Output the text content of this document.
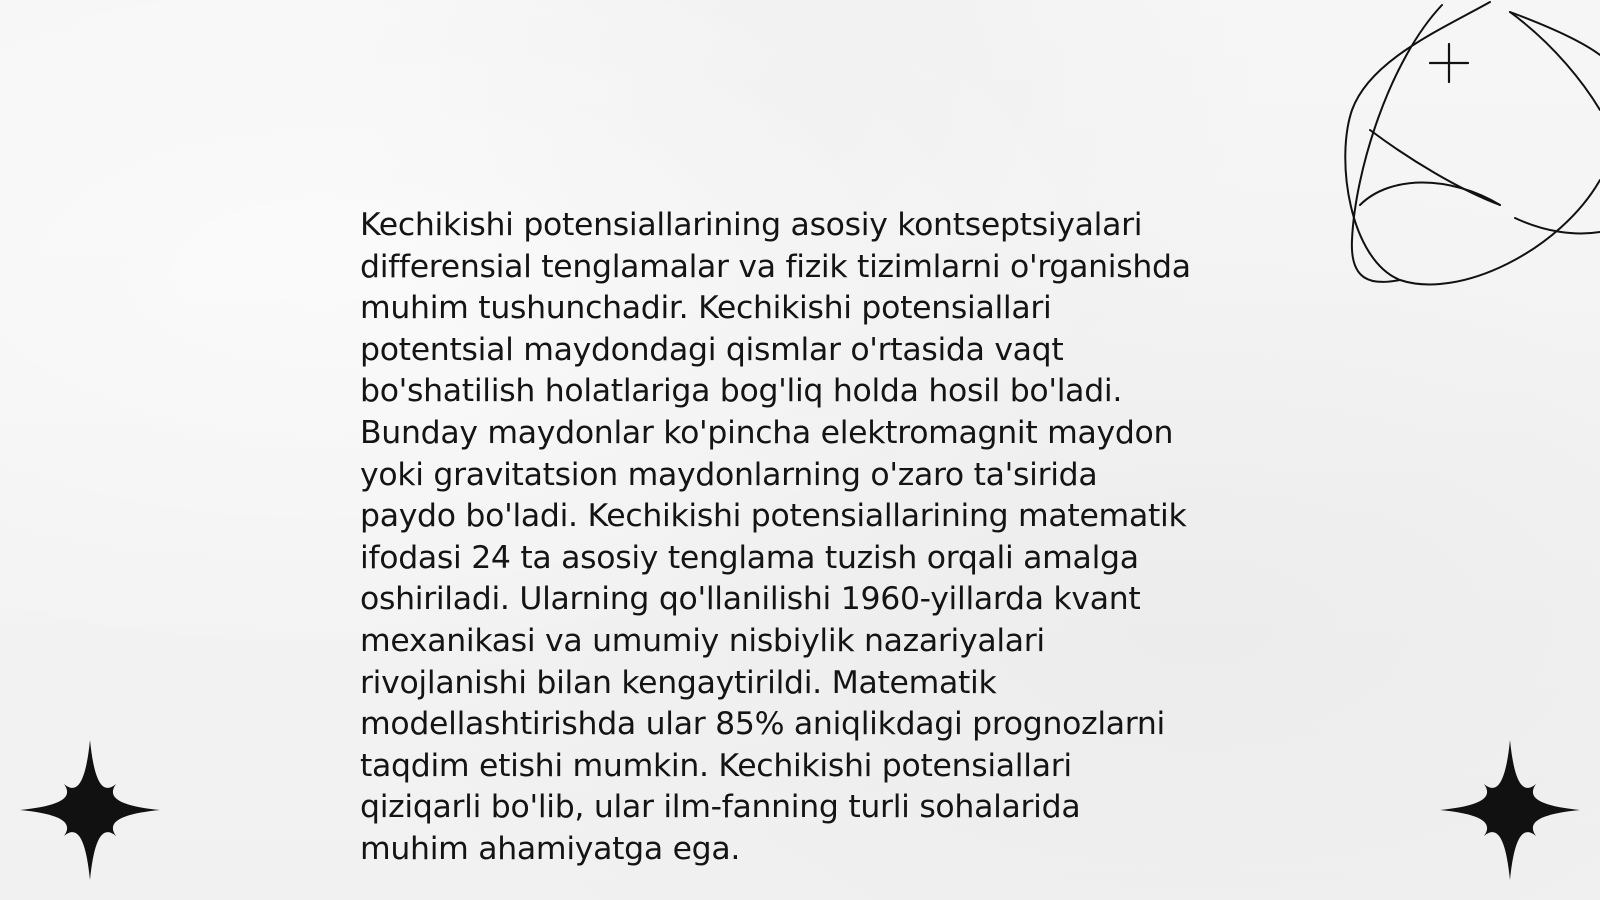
Kechikishi potensiallarining asosiy kontseptsiyalari
differensial tenglamalar va fizik tizimlarni o'rganishda
muhim tushunchadir. Kechikishi potensiallari
potentsial maydondagi qismlar o'rtasida vaqt
bo'shatilish holatlariga bog'liq holda hosil bo'ladi.
Bunday maydonlar ko'pincha elektromagnit maydon
yoki gravitatsion maydonlarning o'zaro ta'sirida
paydo bo'ladi. Kechikishi potensiallarining matematik
ifodasi 24 ta asosiy tenglama tuzish orqali amalga
oshiriladi. Ularning qo'llanilishi 1960-yillarda kvant
mexanikasi va umumiy nisbiylik nazariyalari
rivojlanishi bilan kengaytirildi. Matematik
modellashtirishda ular 85% aniqlikdagi prognozlarni
taqdim etishi mumkin. Kechikishi potensiallari
qiziqarli bo'lib, ular ilm-fanning turli sohalarida
muhim ahamiyatga ega.
